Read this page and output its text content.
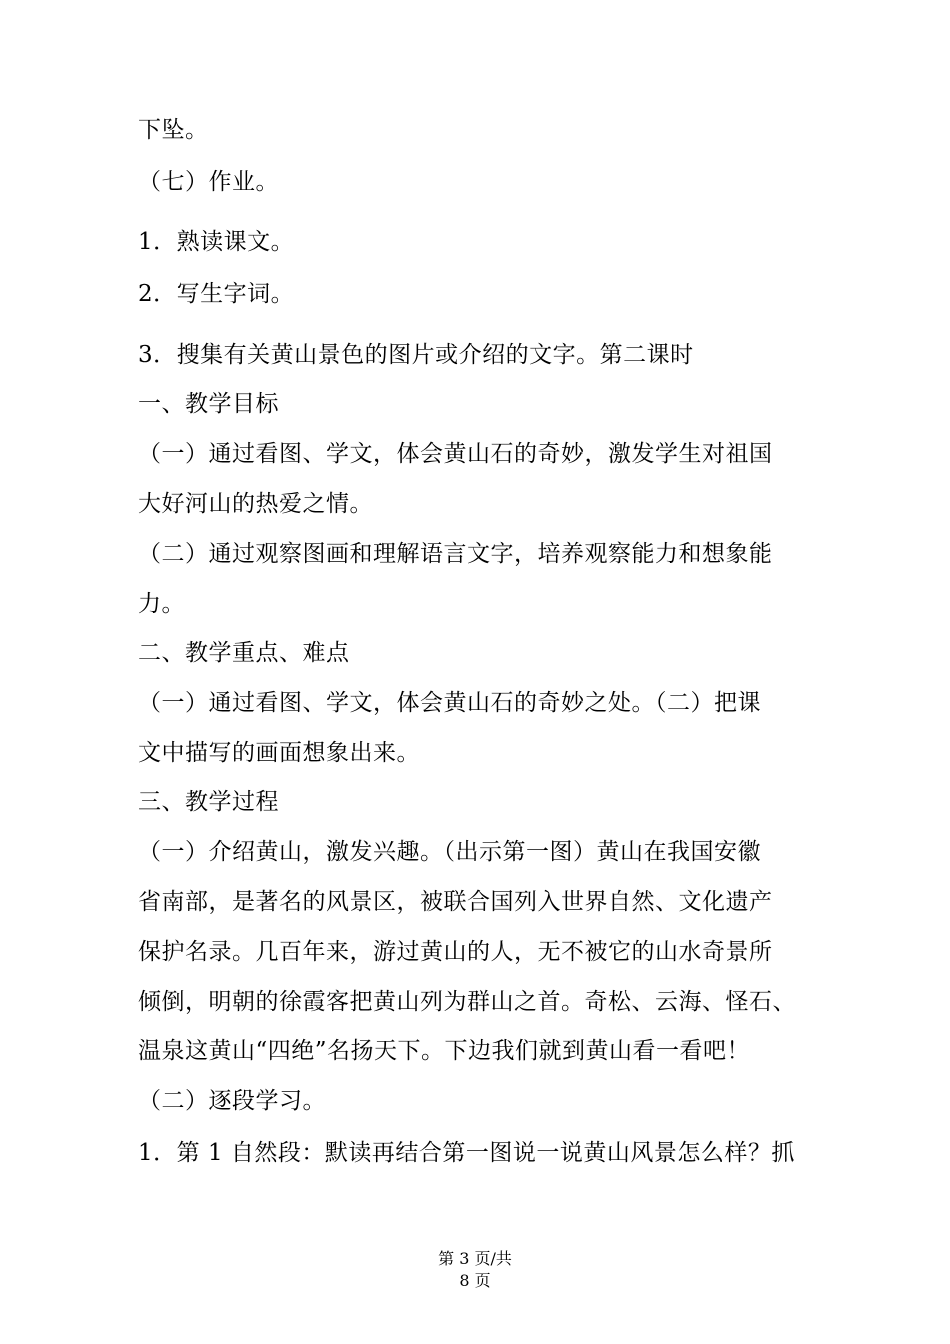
下坠。
（七）作业。
1．熟读课文。
2．写生字词。
3．搜集有关黄山景色的图片或介绍的文字。第二课时
一、教学目标
（一）通过看图、学文，体会黄山石的奇妙，激发学生对祖国
大好河山的热爱之情。
（二）通过观察图画和理解语言文字，培养观察能力和想象能
力。
二、教学重点、难点
（一）通过看图、学文，体会黄山石的奇妙之处。（二）把课
文中描写的画面想象出来。
三、教学过程
（一）介绍黄山，激发兴趣。（出示第一图）黄山在我国安徽
省南部，是著名的风景区，被联合国列入世界自然、文化遗产
保护名录。几百年来，游过黄山的人，无不被它的山水奇景所
倾倒，明朝的徐霞客把黄山列为群山之首。奇松、云海、怪石、
温泉这黄山“四绝”名扬天下。下边我们就到黄山看一看吧！
（二）逐段学习。
1．第 1 自然段：默读再结合第一图说一说黄山风景怎么样？抓
第 3 页/共
8 页
